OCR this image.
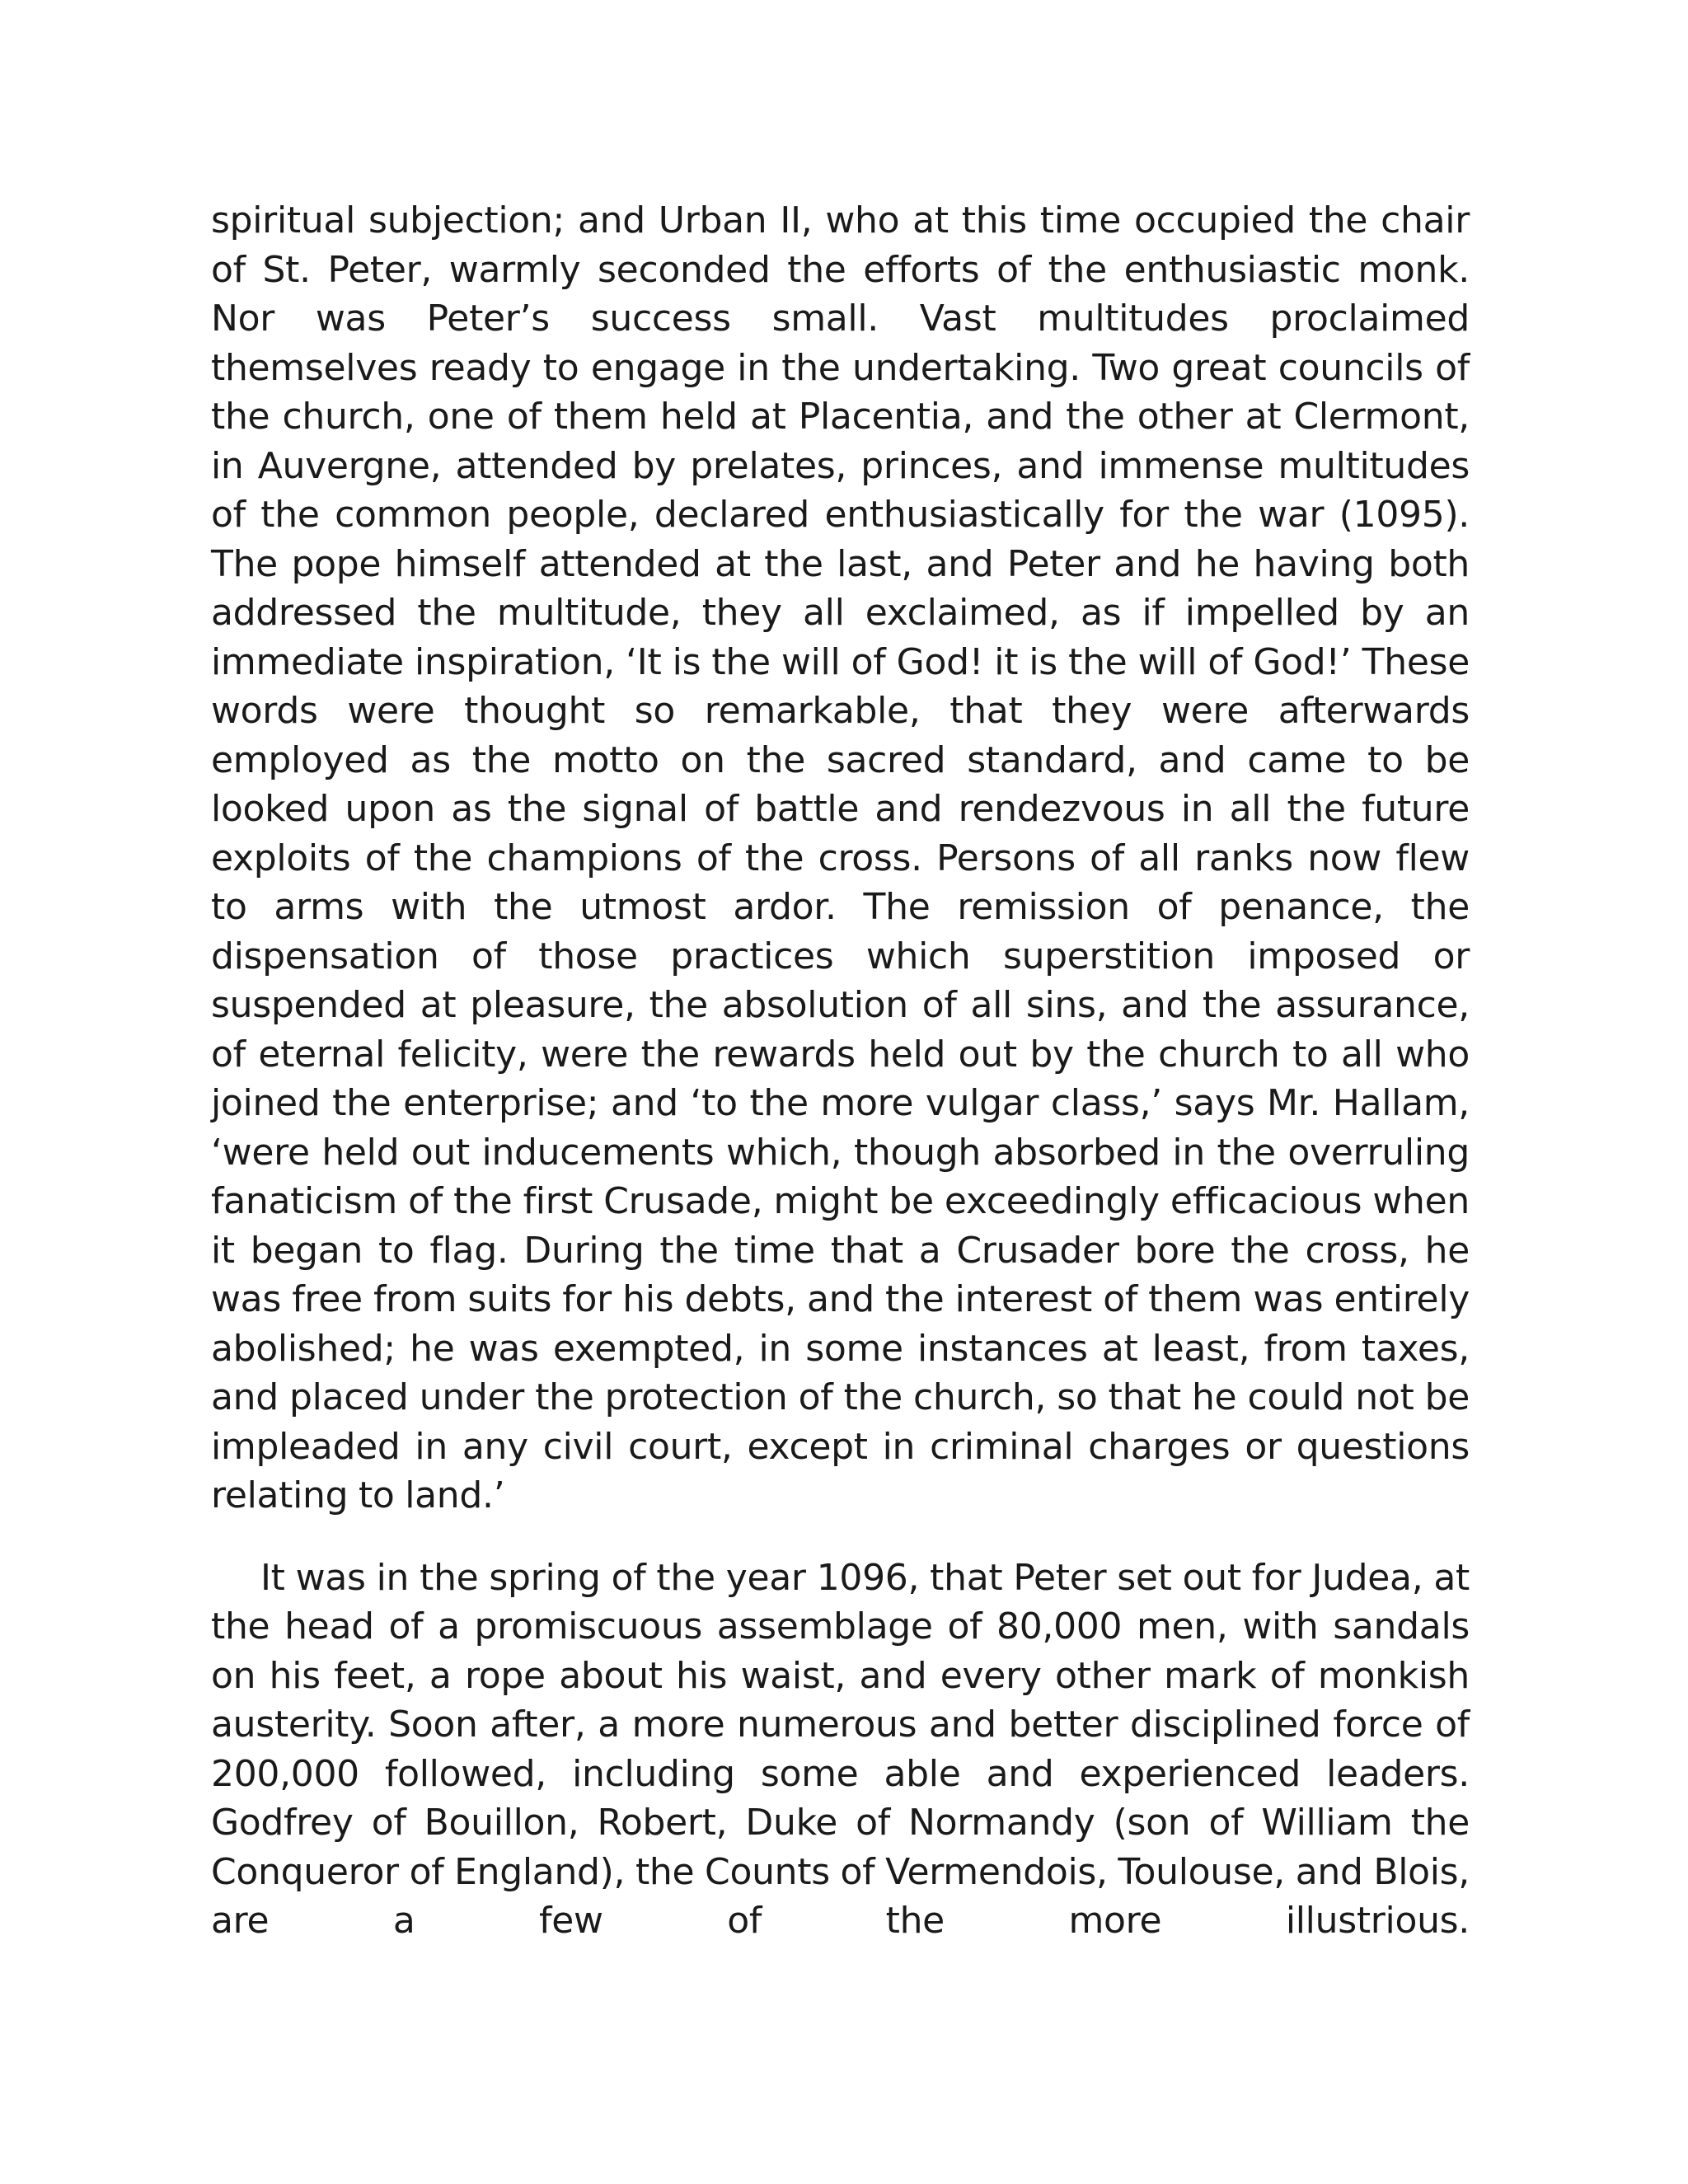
spiritual subjection; and Urban II, who at this time occupied the chair of St. Peter, warmly seconded the efforts of the enthusiastic monk. Nor was Peter’s success small. Vast multitudes proclaimed themselves ready to engage in the undertaking. Two great councils of the church, one of them held at Placentia, and the other at Clermont, in Auvergne, attended by prelates, princes, and immense multitudes of the common people, declared enthusiastically for the war (1095). The pope himself attended at the last, and Peter and he having both addressed the multitude, they all exclaimed, as if impelled by an immediate inspiration, ‘It is the will of God! it is the will of God!’ These words were thought so remarkable, that they were afterwards employed as the motto on the sacred standard, and came to be looked upon as the signal of battle and rendezvous in all the future exploits of the champions of the cross. Persons of all ranks now flew to arms with the utmost ardor. The remission of penance, the dispensation of those practices which superstition imposed or suspended at pleasure, the absolution of all sins, and the assurance, of eternal felicity, were the rewards held out by the church to all who joined the enterprise; and ‘to the more vulgar class,’ says Mr. Hallam, ‘were held out inducements which, though absorbed in the overruling fanaticism of the first Crusade, might be exceedingly efficacious when it began to flag. During the time that a Crusader bore the cross, he was free from suits for his debts, and the interest of them was entirely abolished; he was exempted, in some instances at least, from taxes, and placed under the protection of the church, so that he could not be impleaded in any civil court, except in criminal charges or questions relating to land.’

It was in the spring of the year 1096, that Peter set out for Judea, at the head of a promiscuous assemblage of 80,000 men, with sandals on his feet, a rope about his waist, and every other mark of monkish austerity. Soon after, a more numerous and better disciplined force of 200,000 followed, including some able and experienced leaders. Godfrey of Bouillon, Robert, Duke of Normandy (son of William the Conqueror of England), the Counts of Vermendois, Toulouse, and Blois, are a few of the more illustrious.
